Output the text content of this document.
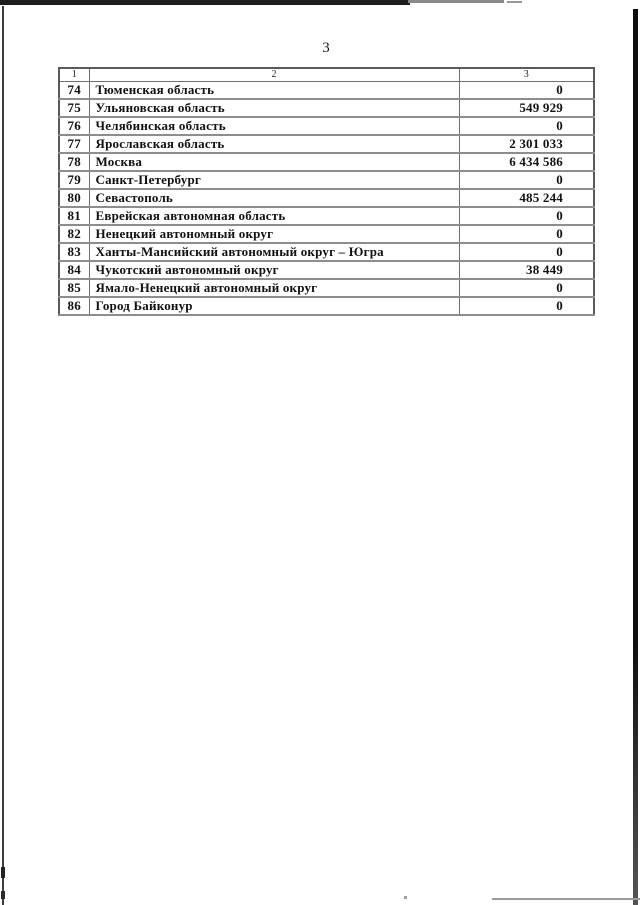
3
1	2	3
74	Тюменская область	0
75	Ульяновская область	549 929
76	Челябинская область	0
77	Ярославская область	2 301 033
78	Москва	6 434 586
79	Санкт-Петербург	0
80	Севастополь	485 244
81	Еврейская автономная область	0
82	Ненецкий автономный округ	0
83	Ханты-Мансийский автономный округ – Югра	0
84	Чукотский автономный округ	38 449
85	Ямало-Ненецкий автономный округ	0
86	Город Байконур	0
